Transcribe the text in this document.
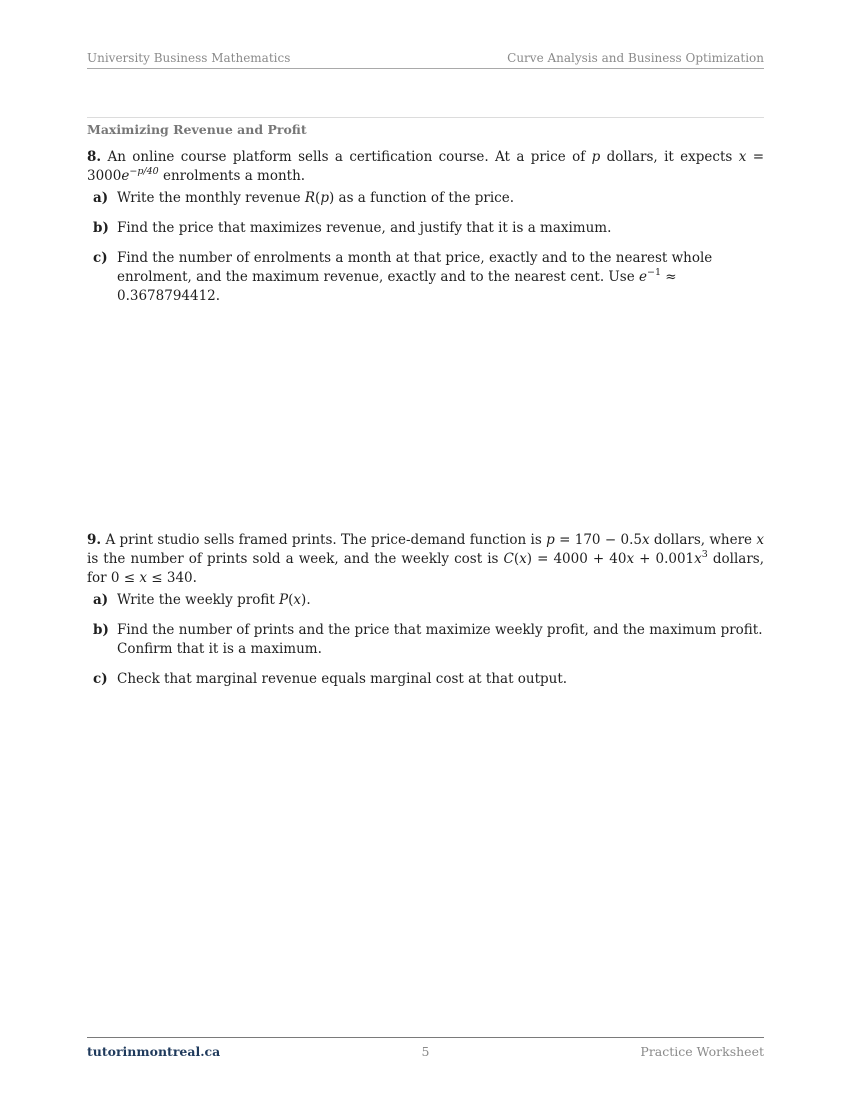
University Business Mathematics	Curve Analysis and Business Optimization
Maximizing Revenue and Profit

8. An online course platform sells a certification course. At a price of p dollars, it expects $x = 3000e^{-p/40}$ enrolments a month.

a) Write the monthly revenue R(p) as a function of the price.
b) Find the price that maximizes revenue, and justify that it is a maximum.
c) Find the number of enrolments a month at that price, exactly and to the nearest whole enrolment, and the maximum revenue, exactly and to the nearest cent. Use $e^{-1} \approx 0.3678794412$.

9. A print studio sells framed prints. The price-demand function is p = 170 − 0.5x dollars, where x is the number of prints sold a week, and the weekly cost is $C(x) = 4000 + 40x + 0.001x^3$ dollars, for 0 ≤ x ≤ 340.

a) Write the weekly profit P(x).
b) Find the number of prints and the price that maximize weekly profit, and the maximum profit. Confirm that it is a maximum.
c) Check that marginal revenue equals marginal cost at that output.
tutorinmontreal.ca	5	Practice Worksheet
